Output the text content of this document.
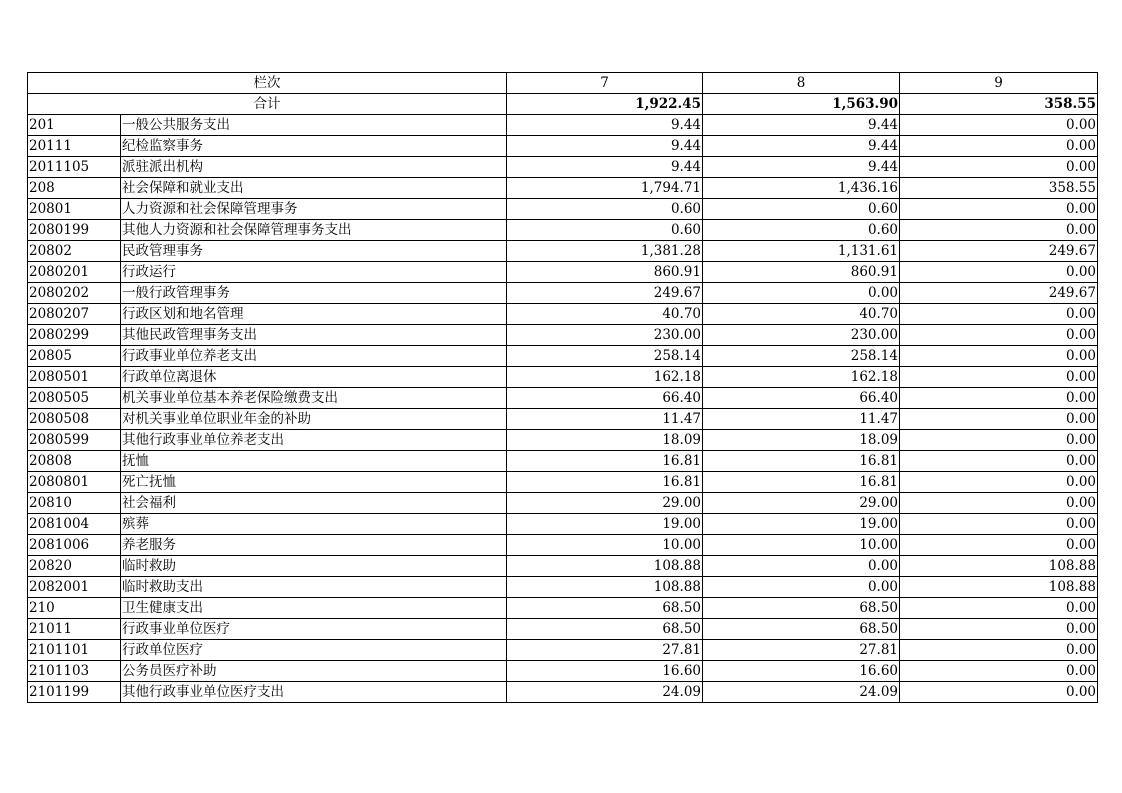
栏次		7	8	9
合计		1,922.45	1,563.90	358.55
201	一般公共服务支出	9.44	9.44	0.00
20111	纪检监察事务	9.44	9.44	0.00
2011105	派驻派出机构	9.44	9.44	0.00
208	社会保障和就业支出	1,794.71	1,436.16	358.55
20801	人力资源和社会保障管理事务	0.60	0.60	0.00
2080199	其他人力资源和社会保障管理事务支出	0.60	0.60	0.00
20802	民政管理事务	1,381.28	1,131.61	249.67
2080201	行政运行	860.91	860.91	0.00
2080202	一般行政管理事务	249.67	0.00	249.67
2080207	行政区划和地名管理	40.70	40.70	0.00
2080299	其他民政管理事务支出	230.00	230.00	0.00
20805	行政事业单位养老支出	258.14	258.14	0.00
2080501	行政单位离退休	162.18	162.18	0.00
2080505	机关事业单位基本养老保险缴费支出	66.40	66.40	0.00
2080508	对机关事业单位职业年金的补助	11.47	11.47	0.00
2080599	其他行政事业单位养老支出	18.09	18.09	0.00
20808	抚恤	16.81	16.81	0.00
2080801	死亡抚恤	16.81	16.81	0.00
20810	社会福利	29.00	29.00	0.00
2081004	殡葬	19.00	19.00	0.00
2081006	养老服务	10.00	10.00	0.00
20820	临时救助	108.88	0.00	108.88
2082001	临时救助支出	108.88	0.00	108.88
210	卫生健康支出	68.50	68.50	0.00
21011	行政事业单位医疗	68.50	68.50	0.00
2101101	行政单位医疗	27.81	27.81	0.00
2101103	公务员医疗补助	16.60	16.60	0.00
2101199	其他行政事业单位医疗支出	24.09	24.09	0.00
